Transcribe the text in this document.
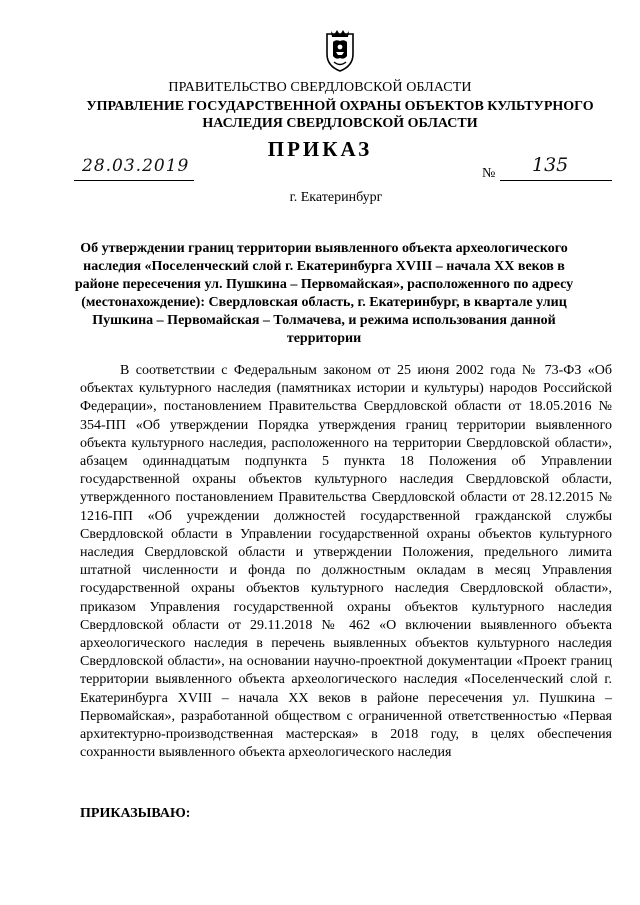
ПРАВИТЕЛЬСТВО СВЕРДЛОВСКОЙ ОБЛАСТИ
УПРАВЛЕНИЕ ГОСУДАРСТВЕННОЙ ОХРАНЫ ОБЪЕКТОВ КУЛЬТУРНОГО НАСЛЕДИЯ СВЕРДЛОВСКОЙ ОБЛАСТИ
ПРИКАЗ
28.03.2019	№ 135
г. Екатеринбург
Об утверждении границ территории выявленного объекта археологического наследия «Поселенческий слой г. Екатеринбурга XVIII – начала XX веков в районе пересечения ул. Пушкина – Первомайская», расположенного по адресу (местонахождение): Свердловская область, г. Екатеринбург, в квартале улиц Пушкина – Первомайская – Толмачева, и режима использования данной территории

В соответствии с Федеральным законом от 25 июня 2002 года № 73-ФЗ «Об объектах культурного наследия (памятниках истории и культуры) народов Российской Федерации», постановлением Правительства Свердловской области от 18.05.2016 № 354-ПП «Об утверждении Порядка утверждения границ территории выявленного объекта культурного наследия, расположенного на территории Свердловской области», абзацем одиннадцатым подпункта 5 пункта 18 Положения об Управлении государственной охраны объектов культурного наследия Свердловской области, утвержденного постановлением Правительства Свердловской области от 28.12.2015 № 1216-ПП «Об учреждении должностей государственной гражданской службы Свердловской области в Управлении государственной охраны объектов культурного наследия Свердловской области и утверждении Положения, предельного лимита штатной численности и фонда по должностным окладам в месяц Управления государственной охраны объектов культурного наследия Свердловской области», приказом Управления государственной охраны объектов культурного наследия Свердловской области от 29.11.2018 № 462 «О включении выявленного объекта археологического наследия в перечень выявленных объектов культурного наследия Свердловской области», на основании научно-проектной документации «Проект границ территории выявленного объекта археологического наследия «Поселенческий слой г. Екатеринбурга XVIII – начала XX веков в районе пересечения ул. Пушкина – Первомайская», разработанной обществом с ограниченной ответственностью «Первая архитектурно-производственная мастерская» в 2018 году, в целях обеспечения сохранности выявленного объекта археологического наследия

ПРИКАЗЫВАЮ:
